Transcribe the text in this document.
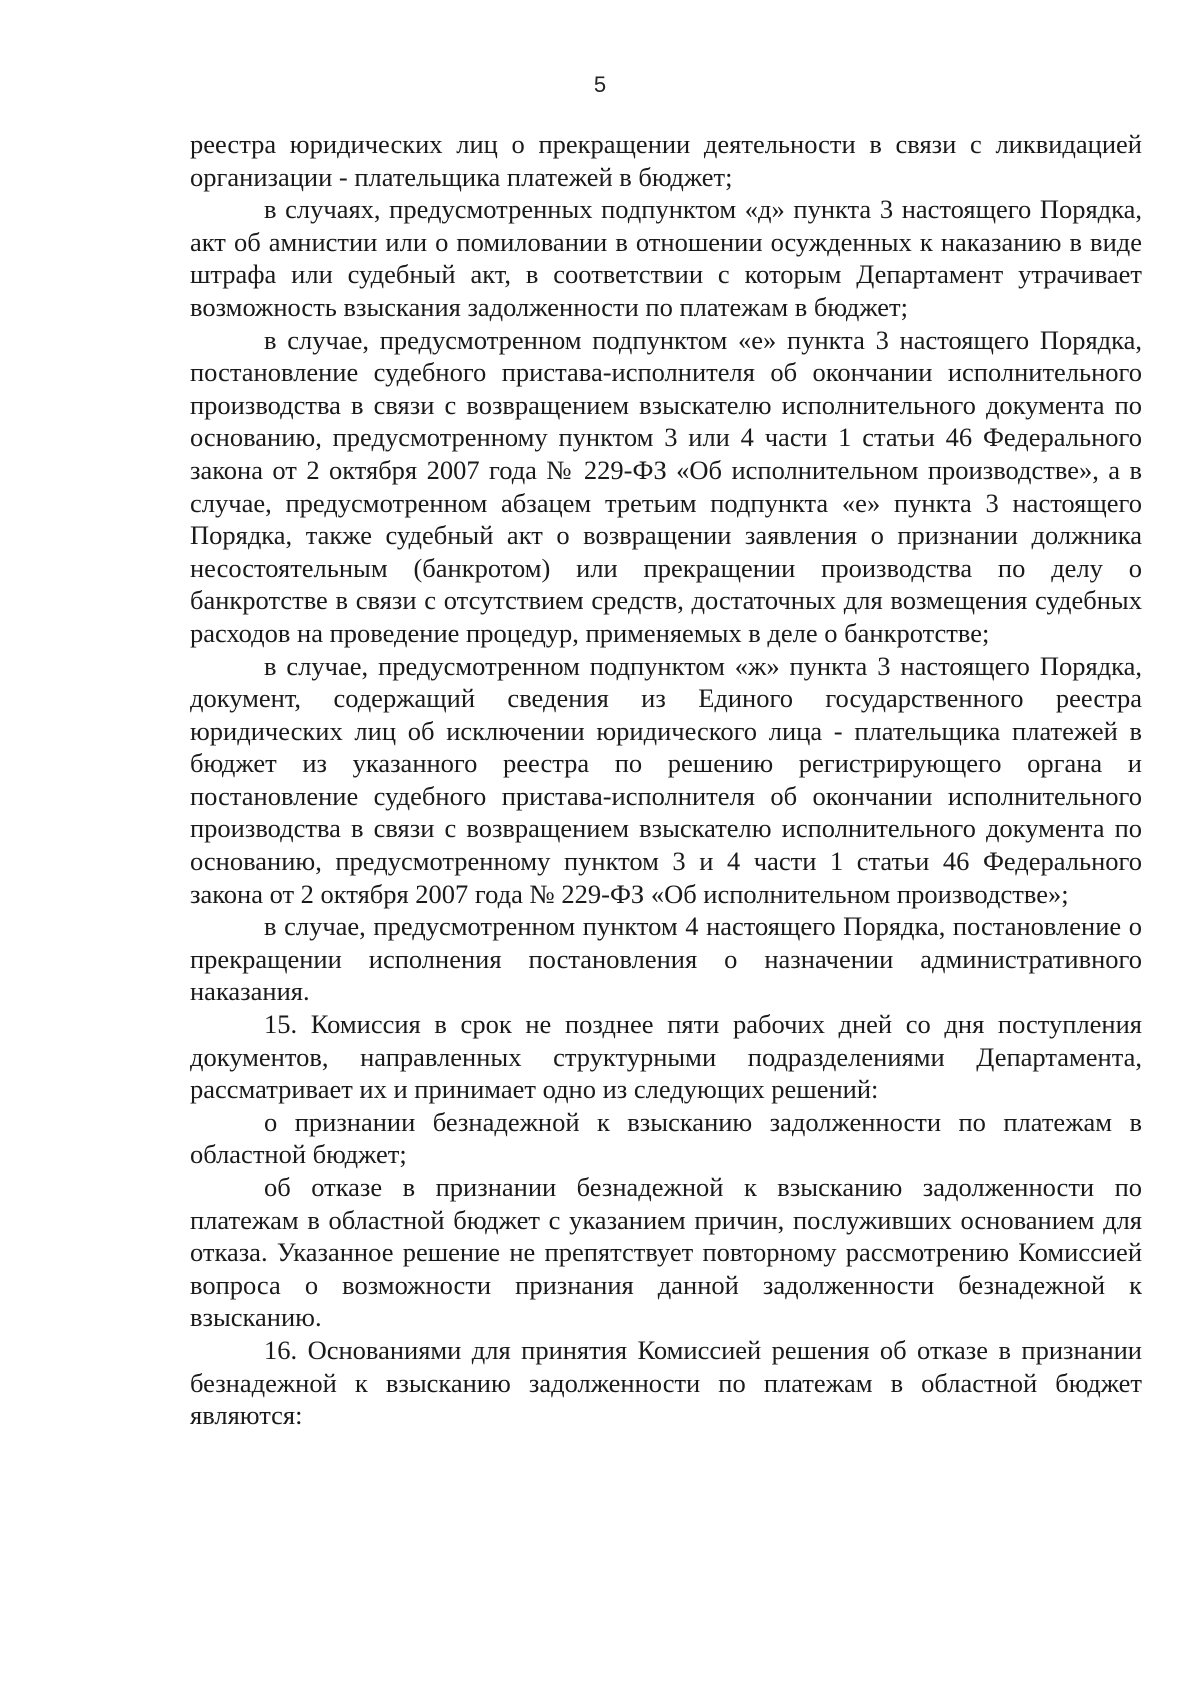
5

реестра юридических лиц о прекращении деятельности в связи с ликвидацией организации - плательщика платежей в бюджет;

в случаях, предусмотренных подпунктом «д» пункта 3 настоящего Порядка, акт об амнистии или о помиловании в отношении осужденных к наказанию в виде штрафа или судебный акт, в соответствии с которым Департамент утрачивает возможность взыскания задолженности по платежам в бюджет;

в случае, предусмотренном подпунктом «е» пункта 3 настоящего Порядка, постановление судебного пристава-исполнителя об окончании исполнительного производства в связи с возвращением взыскателю исполнительного документа по основанию, предусмотренному пунктом 3 или 4 части 1 статьи 46 Федерального закона от 2 октября 2007 года № 229-ФЗ «Об исполнительном производстве», а в случае, предусмотренном абзацем третьим подпункта «е» пункта 3 настоящего Порядка, также судебный акт о возвращении заявления о признании должника несостоятельным (банкротом) или прекращении производства по делу о банкротстве в связи с отсутствием средств, достаточных для возмещения судебных расходов на проведение процедур, применяемых в деле о банкротстве;

в случае, предусмотренном подпунктом «ж» пункта 3 настоящего Порядка, документ, содержащий сведения из Единого государственного реестра юридических лиц об исключении юридического лица - плательщика платежей в бюджет из указанного реестра по решению регистрирующего органа и постановление судебного пристава-исполнителя об окончании исполнительного производства в связи с возвращением взыскателю исполнительного документа по основанию, предусмотренному пунктом 3 и 4 части 1 статьи 46 Федерального закона от 2 октября 2007 года № 229-ФЗ «Об исполнительном производстве»;

в случае, предусмотренном пунктом 4 настоящего Порядка, постановление о прекращении исполнения постановления о назначении административного наказания.

15. Комиссия в срок не позднее пяти рабочих дней со дня поступления документов, направленных структурными подразделениями Департамента, рассматривает их и принимает одно из следующих решений:

о признании безнадежной к взысканию задолженности по платежам в областной бюджет;

об отказе в признании безнадежной к взысканию задолженности по платежам в областной бюджет с указанием причин, послуживших основанием для отказа. Указанное решение не препятствует повторному рассмотрению Комиссией вопроса о возможности признания данной задолженности безнадежной к взысканию.

16. Основаниями для принятия Комиссией решения об отказе в признании безнадежной к взысканию задолженности по платежам в областной бюджет являются:
